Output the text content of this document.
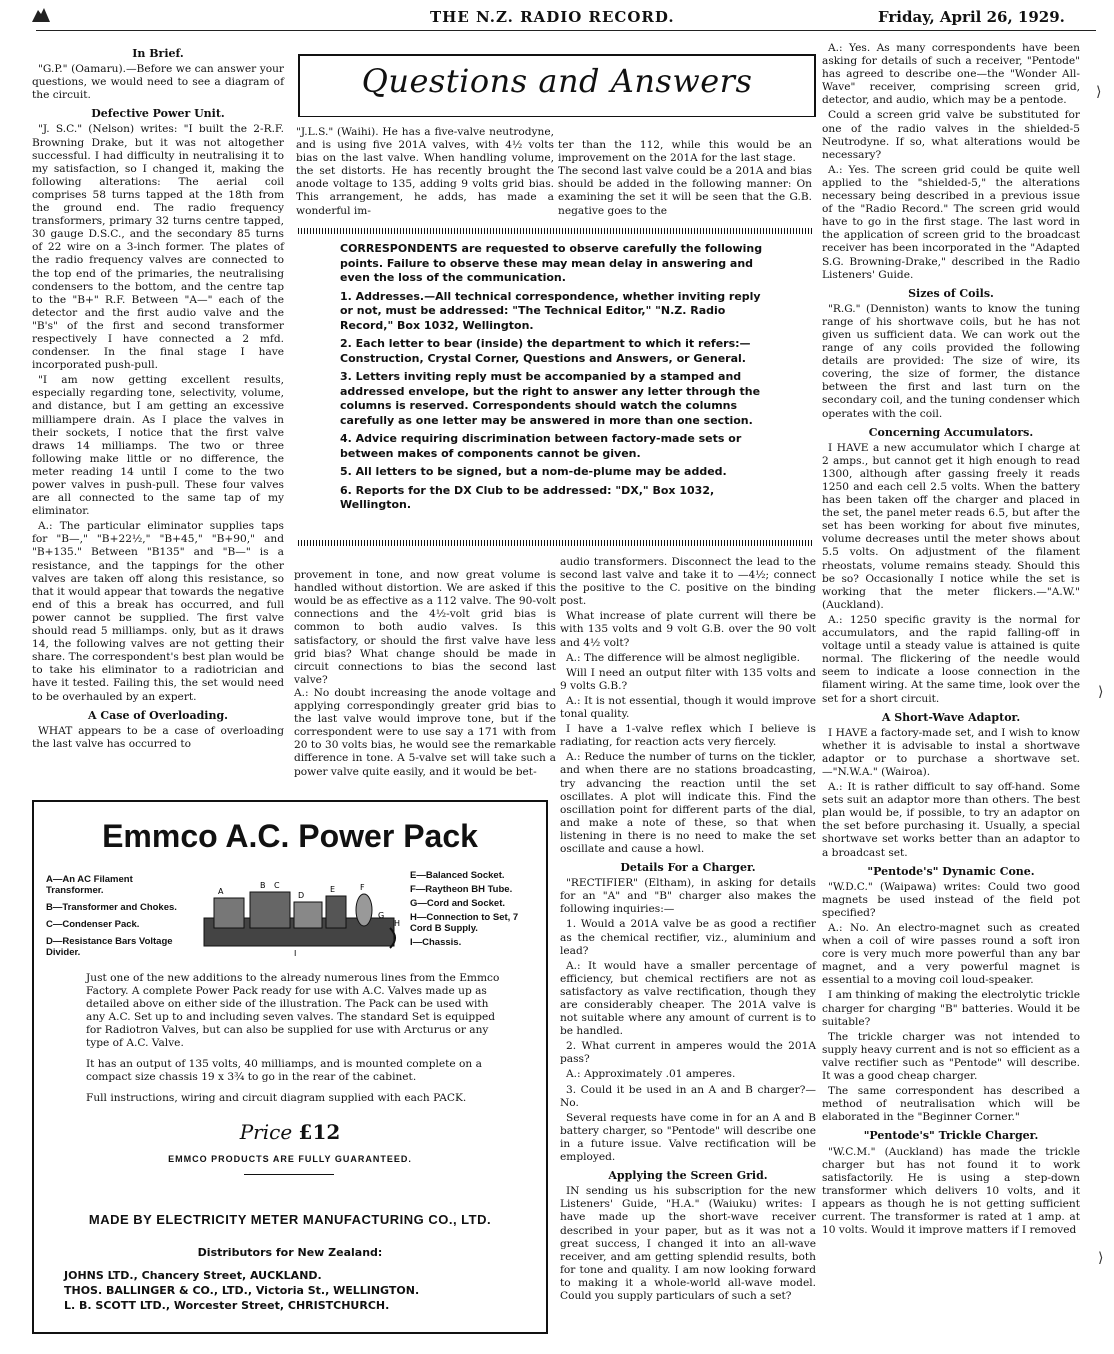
THE N.Z. RADIO RECORD.	Friday, April 26, 1929.
In Brief.

"G.P." (Oamaru).—Before we can answer your questions, we would need to see a diagram of the circuit.

Defective Power Unit.

"J. S.C." (Nelson) writes: "I built the 2-R.F. Browning Drake, but it was not altogether successful. I had difficulty in neutralising it to my satisfaction, so I changed it, making the following alterations: The aerial coil comprises 58 turns tapped at the 18th from the ground end. The radio frequency transformers, primary 32 turns centre tapped, 30 gauge D.S.C., and the secondary 85 turns of 22 wire on a 3-inch former. The plates of the radio frequency valves are connected to the top end of the primaries, the neutralising condensers to the bottom, and the centre tap to the "B+" R.F. Between "A—" each of the detector and the first audio valve and the "B's" of the first and second transformer respectively I have connected a 2 mfd. condenser. In the final stage I have incorporated push-pull.

"I am now getting excellent results, especially regarding tone, selectivity, volume, and distance, but I am getting an excessive milliampere drain. As I place the valves in their sockets, I notice that the first valve draws 14 milliamps. The two or three following make little or no difference, the meter reading 14 until I come to the two power valves in push-pull. These four valves are all connected to the same tap of my eliminator.

A.: The particular eliminator supplies taps for "B—," "B+22½," "B+45," "B+90," and "B+135." Between "B135" and "B—" is a resistance, and the tappings for the other valves are taken off along this resistance, so that it would appear that towards the negative end of this a break has occurred, and full power cannot be supplied. The first valve should read 5 milliamps. only, but as it draws 14, the following valves are not getting their share. The correspondent's best plan would be to take his eliminator to a radiotrician and have it tested. Failing this, the set would need to be overhauled by an expert.

A Case of Overloading.

WHAT appears to be a case of overloading the last valve has occurred to

Questions and Answers

"J.L.S." (Waihi). He has a five-valve neutrodyne, and is using five 201A valves, with 4½ volts bias on the last valve. When handling volume, the set distorts. He has recently brought the anode voltage to 135, adding 9 volts grid bias. This arrangement, he adds, has made a wonderful im-

ter than the 112, while this would be an improvement on the 201A for the last stage.
The second last valve could be a 201A and bias should be added in the following manner: On examining the set it will be seen that the G.B. negative goes to the

CORRESPONDENTS are requested to observe carefully the following points. Failure to observe these may mean delay in answering and even the loss of the communication.

1. Addresses.—All technical correspondence, whether inviting reply or not, must be addressed: "The Technical Editor," "N.Z. Radio Record," Box 1032, Wellington.

2. Each letter to bear (inside) the department to which it refers:—Construction, Crystal Corner, Questions and Answers, or General.

3. Letters inviting reply must be accompanied by a stamped and addressed envelope, but the right to answer any letter through the columns is reserved. Correspondents should watch the columns carefully as one letter may be answered in more than one section.

4. Advice requiring discrimination between factory-made sets or between makes of components cannot be given.

5. All letters to be signed, but a nom-de-plume may be added.

6. Reports for the DX Club to be addressed: "DX," Box 1032, Wellington.

provement in tone, and now great volume is handled without distortion. We are asked if this would be as effective as a 112 valve. The 90-volt connections and the 4½-volt grid bias is common to both audio valves. Is this satisfactory, or should the first valve have less grid bias? What change should be made in circuit connections to bias the second last valve?
A.: No doubt increasing the anode voltage and applying correspondingly greater grid bias to the last valve would improve tone, but if the correspondent were to use say a 171 with from 20 to 30 volts bias, he would see the remarkable difference in tone. A 5-valve set will take such a power valve quite easily, and it would be bet-

audio transformers. Disconnect the lead to the second last valve and take it to —4½; connect the positive to the C. positive on the binding post.

What increase of plate current will there be with 135 volts and 9 volt G.B. over the 90 volt and 4½ volt?

A.: The difference will be almost negligible.

Will I need an output filter with 135 volts and 9 volts G.B.?

A.: It is not essential, though it would improve tonal quality.

I have a 1-valve reflex which I believe is radiating, for reaction acts very fiercely.

A.: Reduce the number of turns on the tickler, and when there are no stations broadcasting, try advancing the reaction until the set oscillates. A plot will indicate this. Find the oscillation point for different parts of the dial, and make a note of these, so that when listening in there is no need to make the set oscillate and cause a howl.

Details For a Charger.

"RECTIFIER" (Eltham), in asking for details for an "A" and "B" charger also makes the following inquiries:—

1. Would a 201A valve be as good a rectifier as the chemical rectifier, viz., aluminium and lead?

A.: It would have a smaller percentage of efficiency, but chemical rectifiers are not as satisfactory as valve rectification, though they are considerably cheaper. The 201A valve is not suitable where any amount of current is to be handled.

2. What current in amperes would the 201A pass?

A.: Approximately .01 amperes.

3. Could it be used in an A and B charger?—No.

Several requests have come in for an A and B battery charger, so "Pentode" will describe one in a future issue. Valve rectification will be employed.

Applying the Screen Grid.

IN sending us his subscription for the new Listeners' Guide, "H.A." (Waiuku) writes: I have made up the short-wave receiver described in your paper, but as it was not a great success, I changed it into an all-wave receiver, and am getting splendid results, both for tone and quality. I am now looking forward to making it a whole-world all-wave model. Could you supply particulars of such a set?

A.: Yes. As many correspondents have been asking for details of such a receiver, "Pentode" has agreed to describe one—the "Wonder All-Wave" receiver, comprising screen grid, detector, and audio, which may be a pentode.

Could a screen grid valve be substituted for one of the radio valves in the shielded-5 Neutrodyne. If so, what alterations would be necessary?

A.: Yes. The screen grid could be quite well applied to the "shielded-5," the alterations necessary being described in a previous issue of the "Radio Record." The screen grid would have to go in the first stage. The last word in the application of screen grid to the broadcast receiver has been incorporated in the "Adapted S.G. Browning-Drake," described in the Radio Listeners' Guide.

Sizes of Coils.

"R.G." (Denniston) wants to know the tuning range of his shortwave coils, but he has not given us sufficient data. We can work out the range of any coils provided the following details are provided: The size of wire, its covering, the size of former, the distance between the first and last turn on the secondary coil, and the tuning condenser which operates with the coil.

Concerning Accumulators.

I HAVE a new accumulator which I charge at 2 amps., but cannot get it high enough to read 1300, although after gassing freely it reads 1250 and each cell 2.5 volts. When the battery has been taken off the charger and placed in the set, the panel meter reads 6.5, but after the set has been working for about five minutes, volume decreases until the meter shows about 5.5 volts. On adjustment of the filament rheostats, volume remains steady. Should this be so? Occasionally I notice while the set is working that the meter flickers.—"A.W." (Auckland).

A.: 1250 specific gravity is the normal for accumulators, and the rapid falling-off in voltage until a steady value is attained is quite normal. The flickering of the needle would seem to indicate a loose connection in the filament wiring. At the same time, look over the set for a short circuit.

A Short-Wave Adaptor.

I HAVE a factory-made set, and I wish to know whether it is advisable to instal a shortwave adaptor or to purchase a shortwave set.—"N.W.A." (Wairoa).

A.: It is rather difficult to say off-hand. Some sets suit an adaptor more than others. The best plan would be, if possible, to try an adaptor on the set before purchasing it. Usually, a special shortwave set works better than an adaptor to a broadcast set.

"Pentode's" Dynamic Cone.

"W.D.C." (Waipawa) writes: Could two good magnets be used instead of the field pot specified?

A.: No. An electro-magnet such as created when a coil of wire passes round a soft iron core is very much more powerful than any bar magnet, and a very powerful magnet is essential to a moving coil loud-speaker.

I am thinking of making the electrolytic trickle charger for charging "B" batteries. Would it be suitable?

The trickle charger was not intended to supply heavy current and is not so efficient as a valve rectifier such as "Pentode" will describe. It was a good cheap charger.

The same correspondent has described a method of neutralisation which will be elaborated in the "Beginner Corner."

"Pentode's" Trickle Charger.

"W.C.M." (Auckland) has made the trickle charger but has not found it to work satisfactorily. He is using a step-down transformer which delivers 10 volts, and it appears as though he is not getting sufficient current. The transformer is rated at 1 amp. at 10 volts. Would it improve matters if I removed

Emmco A.C. Power Pack
A—An AC Filament Transformer.
B—Transformer and Chokes.
C—Condenser Pack.
D—Resistance Bars Voltage Divider.
A
B C
D
E	F
G
H
I
E—Balanced Socket.
F—Raytheon BH Tube.
G—Cord and Socket.
H—Connection to Set, 7 Cord B Supply.
I—Chassis.

Just one of the new additions to the already numerous lines from the Emmco Factory. A complete Power Pack ready for use with A.C. Valves made up as detailed above on either side of the illustration. The Pack can be used with any A.C. Set up to and including seven valves. The standard Set is equipped for Radiotron Valves, but can also be supplied for use with Arcturus or any type of A.C. Valve.

It has an output of 135 volts, 40 milliamps, and is mounted complete on a compact size chassis 19 x 3¾ to go in the rear of the cabinet.

Full instructions, wiring and circuit diagram supplied with each PACK.

Price £12
EMMCO PRODUCTS ARE FULLY GUARANTEED.
MADE BY ELECTRICITY METER MANUFACTURING CO., LTD.
Distributors for New Zealand:
JOHNS LTD., Chancery Street, AUCKLAND.
THOS. BALLINGER & CO., LTD., Victoria St., WELLINGTON.
L. B. SCOTT LTD., Worcester Street, CHRISTCHURCH.
⟩
⟩
⟩
